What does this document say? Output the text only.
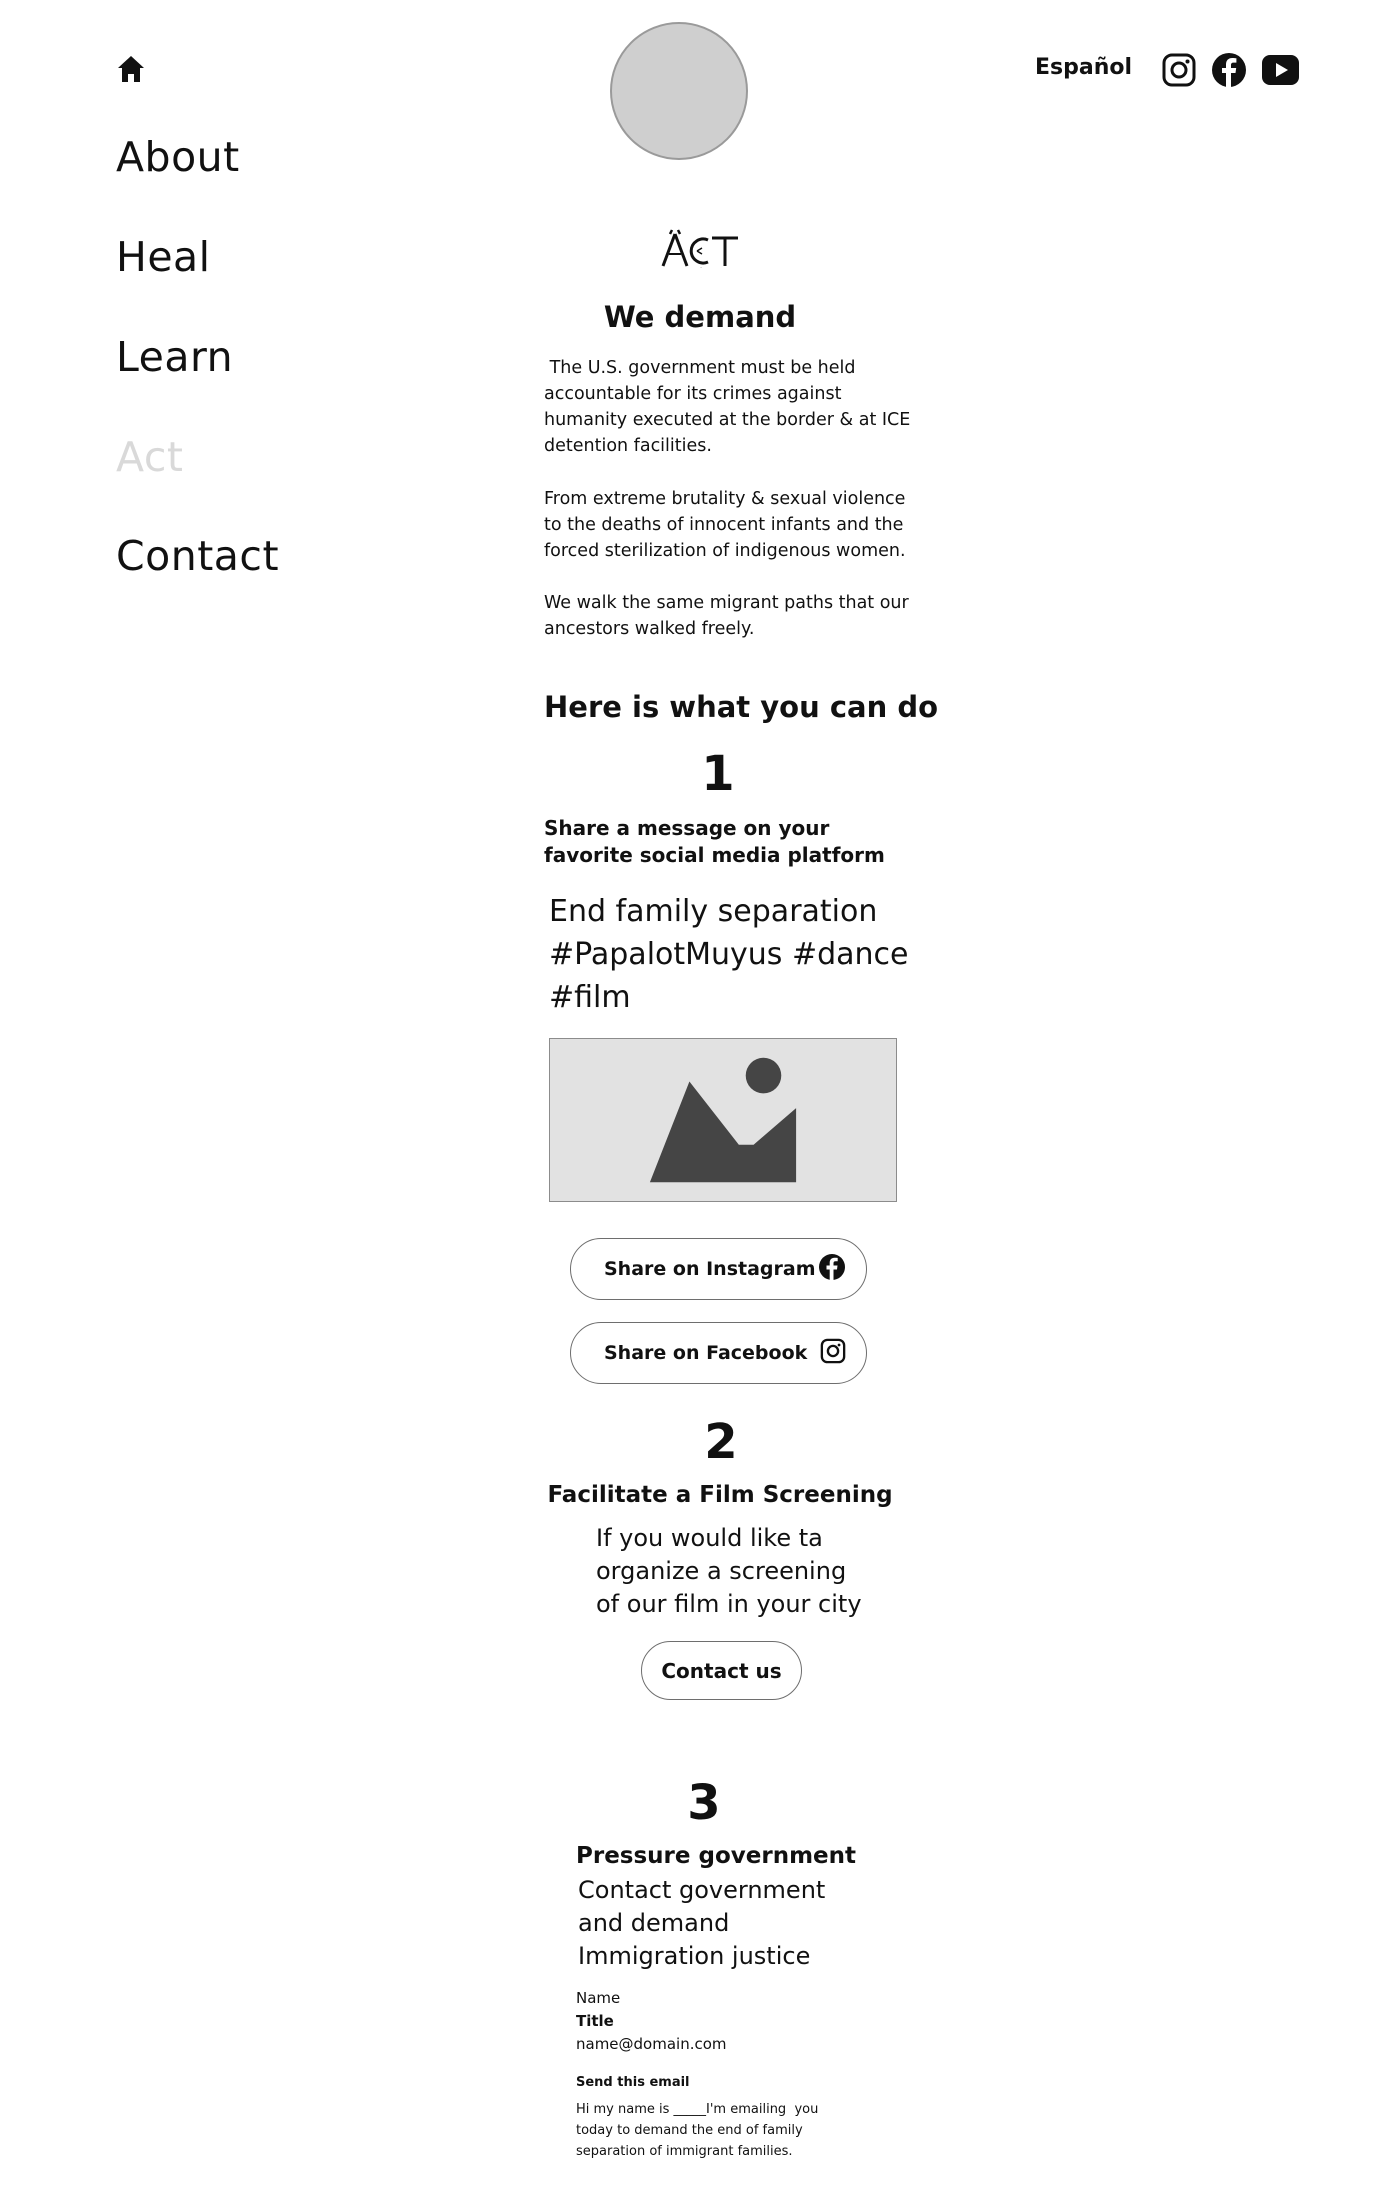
About
Heal
Learn
Act
Contact
Español
ACT
We demand
The U.S. government must be held accountable for its crimes against humanity executed at the border & at ICE detention facilities.
From extreme brutality & sexual violence to the deaths of innocent infants and the forced sterilization of indigenous women.
We walk the same migrant paths that our ancestors walked freely.
Here is what you can do
1
Share a message on your favorite social media platform
End family separation #PapalotMuyus #dance #film
Share on Instagram
Share on Facebook
2
Facilitate a Film Screening
If you would like ta
organize a screening
of our film in your city
Contact us
3
Pressure government
Contact government
and demand
Immigration justice
Name
Title
name@domain.com
Send this email
Hi my name is _____I'm emailing  you
today to demand the end of family
separation of immigrant families.
